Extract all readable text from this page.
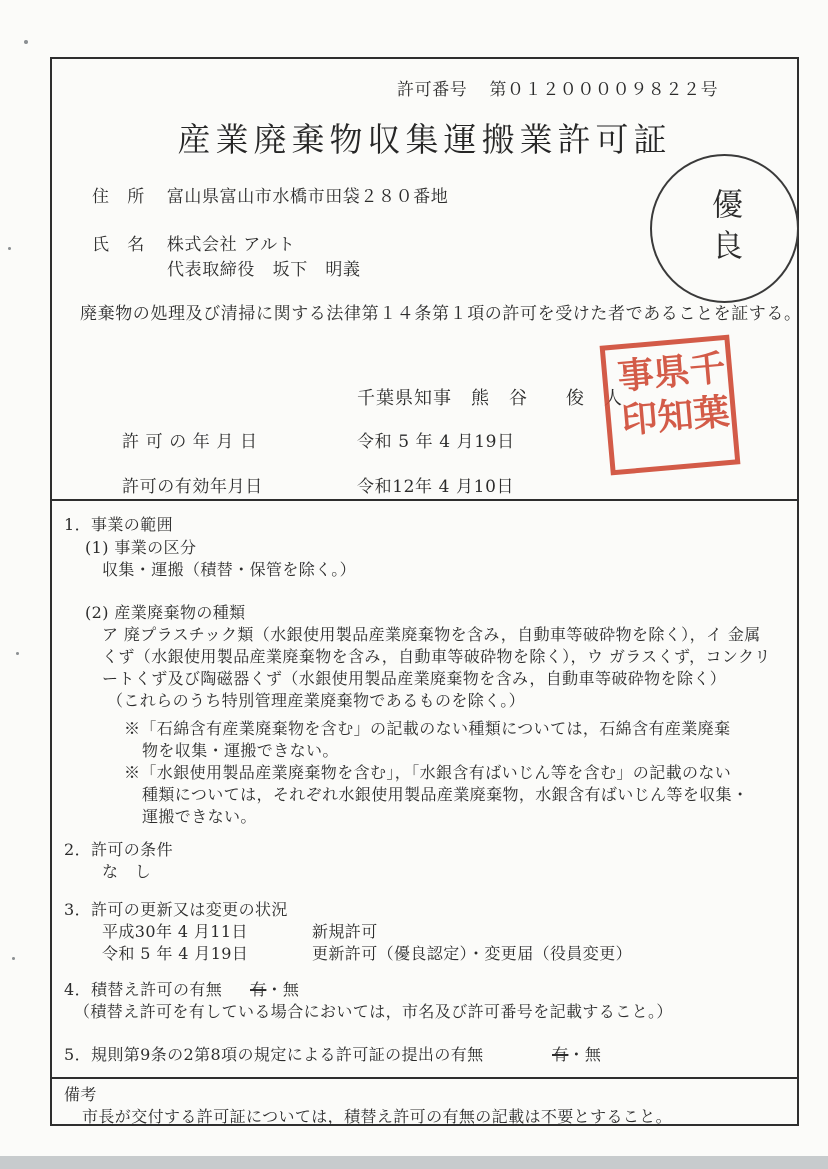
許可番号 第０１２００００９８２２号
産業廃棄物収集運搬業許可証
住　所 富山県富山市水橋市田袋２８０番地
氏　名 株式会社 アルト
代表取締役　坂下　明義
優良
廃棄物の処理及び清掃に関する法律第１４条第１項の許可を受けた者であることを証する。
千葉県知事　熊　谷　　俊　人	千葉県知事印
許 可 の 年 月 日	令和 5 年 4 月19日
許可の有効年月日	令和12年 4 月10日
1．事業の範囲
(1) 事業の区分
収集・運搬（積替・保管を除く。）
(2) 産業廃棄物の種類
ア 廃プラスチック類（水銀使用製品産業廃棄物を含み，自動車等破砕物を除く），イ 金属
くず（水銀使用製品産業廃棄物を含み，自動車等破砕物を除く），ウ ガラスくず，コンクリ
ートくず及び陶磁器くず（水銀使用製品産業廃棄物を含み，自動車等破砕物を除く）
（これらのうち特別管理産業廃棄物であるものを除く。）
※「石綿含有産業廃棄物を含む」の記載のない種類については，石綿含有産業廃棄
物を収集・運搬できない。
※「水銀使用製品産業廃棄物を含む」，「水銀含有ばいじん等を含む」の記載のない
種類については，それぞれ水銀使用製品産業廃棄物，水銀含有ばいじん等を収集・
運搬できない。
2．許可の条件
な　し
3．許可の更新又は変更の状況
平成30年 4 月11日	新規許可
令和 5 年 4 月19日	更新許可（優良認定）・変更届（役員変更）
4．積替え許可の有無 有・無
（積替え許可を有している場合においては，市名及び許可番号を記載すること。）
5．規則第9条の2第8項の規定による許可証の提出の有無	有・無
備考
市長が交付する許可証については，積替え許可の有無の記載は不要とすること。
